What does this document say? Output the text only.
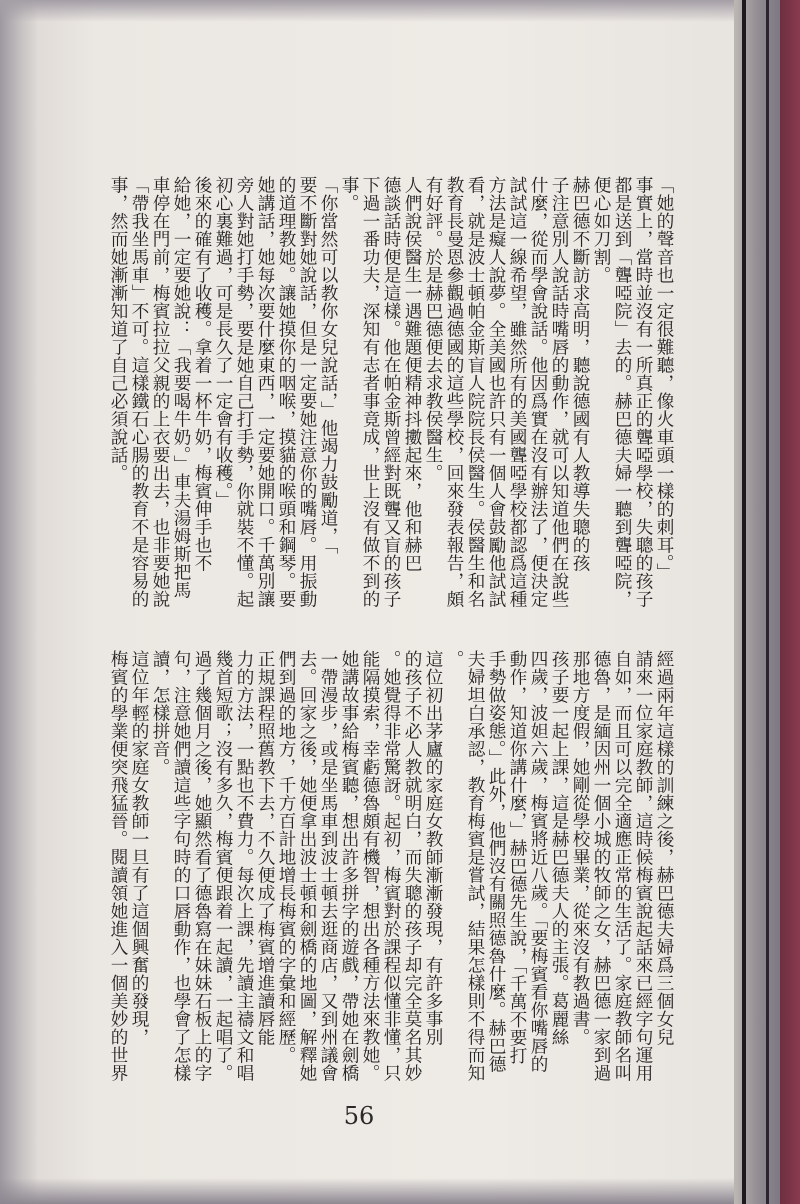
「她的聲音也一定很難聽，像火車頭一樣的刺耳。」
事實上，當時並沒有一所真正的聾啞學校，失聰的孩子
都是送到「聾啞院」去的。赫巴德夫婦一聽到聾啞院，
便心如刀割。
赫巴德不斷訪求高明，聽說德國有人教導失聰的孩
子注意別人說話時嘴唇的動作，就可以知道他們在說些
什麼，從而學會說話。他因爲實在沒有辦法了，便決定
試試這一線希望，雖然所有的美國聾啞學校都認爲這種
方法是癡人說夢。全美國也許只有一個人會鼓勵他試試
看，就是波士頓帕金斯盲人院院長侯醫生。侯醫生和名
教育長曼恩參觀過德國的這些學校，回來發表報告，頗
有好評。於是赫巴德便去求教侯醫生。
人們說侯醫生一遇難題便精神抖擻起來，他和赫巴
德談話時便是這樣。他在帕金斯曾經對既聾又盲的孩子
下過一番功夫，深知有志者事竟成，世上沒有做不到的
事。
「你當然可以教你女兒說話，」他竭力鼓勵道，「
要不斷對她說話，但是一定要她注意你的嘴唇。用振動
的道理教她。讓她摸你的咽喉，摸貓的喉頭和鋼琴。要
她講話，她每次要什麼東西，一定要她開口。千萬別讓
旁人對她打手勢，要是她自己打手勢，你就裝不懂。起
初心裏難過，可是長久了一定會有收穫。」
後來的確有了收穫。拿着一杯牛奶，梅賓伸手也不
給她，一定要她說：「我要喝牛奶。」車夫湯姆斯把馬
車停在門前，梅賓拉拉父親的上衣要出去，也非要她說
「帶我坐馬車」不可。這樣鐵石心腸的教育不是容易的
事，然而她漸漸知道了自己必須說話。
經過兩年這樣的訓練之後，赫巴德夫婦爲三個女兒
請來一位家庭教師，這時候梅賓說起話來已經字句運用
自如，而且可以完全適應正常的生活了。家庭教師名叫
德魯，是緬因州一個小城的牧師之女，赫巴德一家到過
那地方度假，她剛從學校畢業，從來沒有教過書。
孩子要一起上課，這是赫巴德夫人的主張。葛麗絲
四歲，波妲六歲，梅賓將近八歲。「要梅賓看你嘴唇的
動作，知道你講什麼，」赫巴德先生說，「千萬不要打
手勢做姿態。」此外，他們沒有關照德魯什麼。赫巴德
夫婦坦白承認，教育梅賓是嘗試，結果怎樣則不得而知
。
這位初出茅廬的家庭女教師漸漸發現，有許多事別
的孩子不必人教就明白，而失聰的孩子却完全莫名其妙
。她覺得非常驚訝。起初，梅賓對於課程似懂非懂，只
能隔摸索，幸虧德魯頗有機智，想出各種方法來教她。
她講故事給梅賓聽，想出許多拼字的遊戲，帶她在劍橋
一帶漫步，或是坐馬車到波士頓去逛商店，又到州議會
去。回家之後，她便拿出波士頓和劍橋的地圖，解釋她
們到過的地方，千方百計地增長梅賓的字彙和經歷。
正規課程照舊教下去，不久便成了梅賓增進讀唇能
力的方法，一點也不費力。每次上課，先讀主禱文和唱
幾首短歌；沒有多久，梅賓便跟着一起讀，一起唱了。
過了幾個月之後，她顯然看了德魯寫在妹妹石板上的字
句，注意她們讀這些字句時的口唇動作，也學會了怎樣
讀，怎樣拼音。
這位年輕的家庭女教師一旦有了這個興奮的發現，
梅賓的學業便突飛猛晉。閱讀領她進入一個美妙的世界
56
